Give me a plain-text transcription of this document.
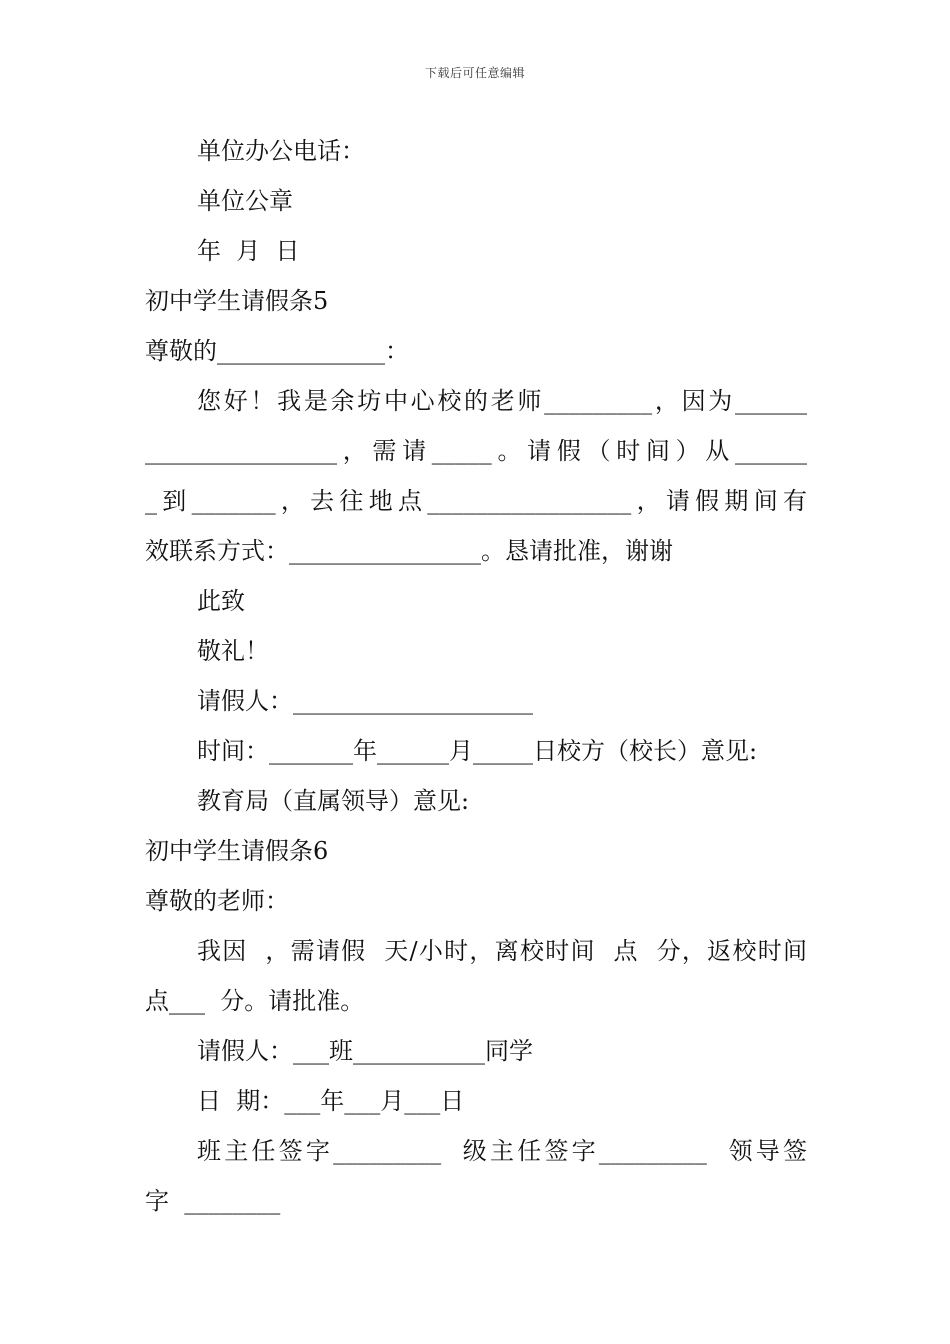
下载后可任意编辑
单位办公电话：
单位公章
年  月  日
初中学生请假条5
尊敬的______________：
您好！我是余坊中心校的老师_________，因为______
________________，需请_____。请假（时间）从______
_到_______，去往地点_________________，请假期间有
效联系方式：________________。恳请批准，谢谢
此致
敬礼！
请假人：____________________
时间：_______年______月_____日校方（校长）意见:
教育局（直属领导）意见:
初中学生请假条6
尊敬的老师：
我因  ，需请假  天/小时，离校时间  点  分，返校时间
点___  分。请批准。
请假人：___班___________同学
日  期：___年___月___日
班主任签字_________  级主任签字_________  领导签
字  ________
